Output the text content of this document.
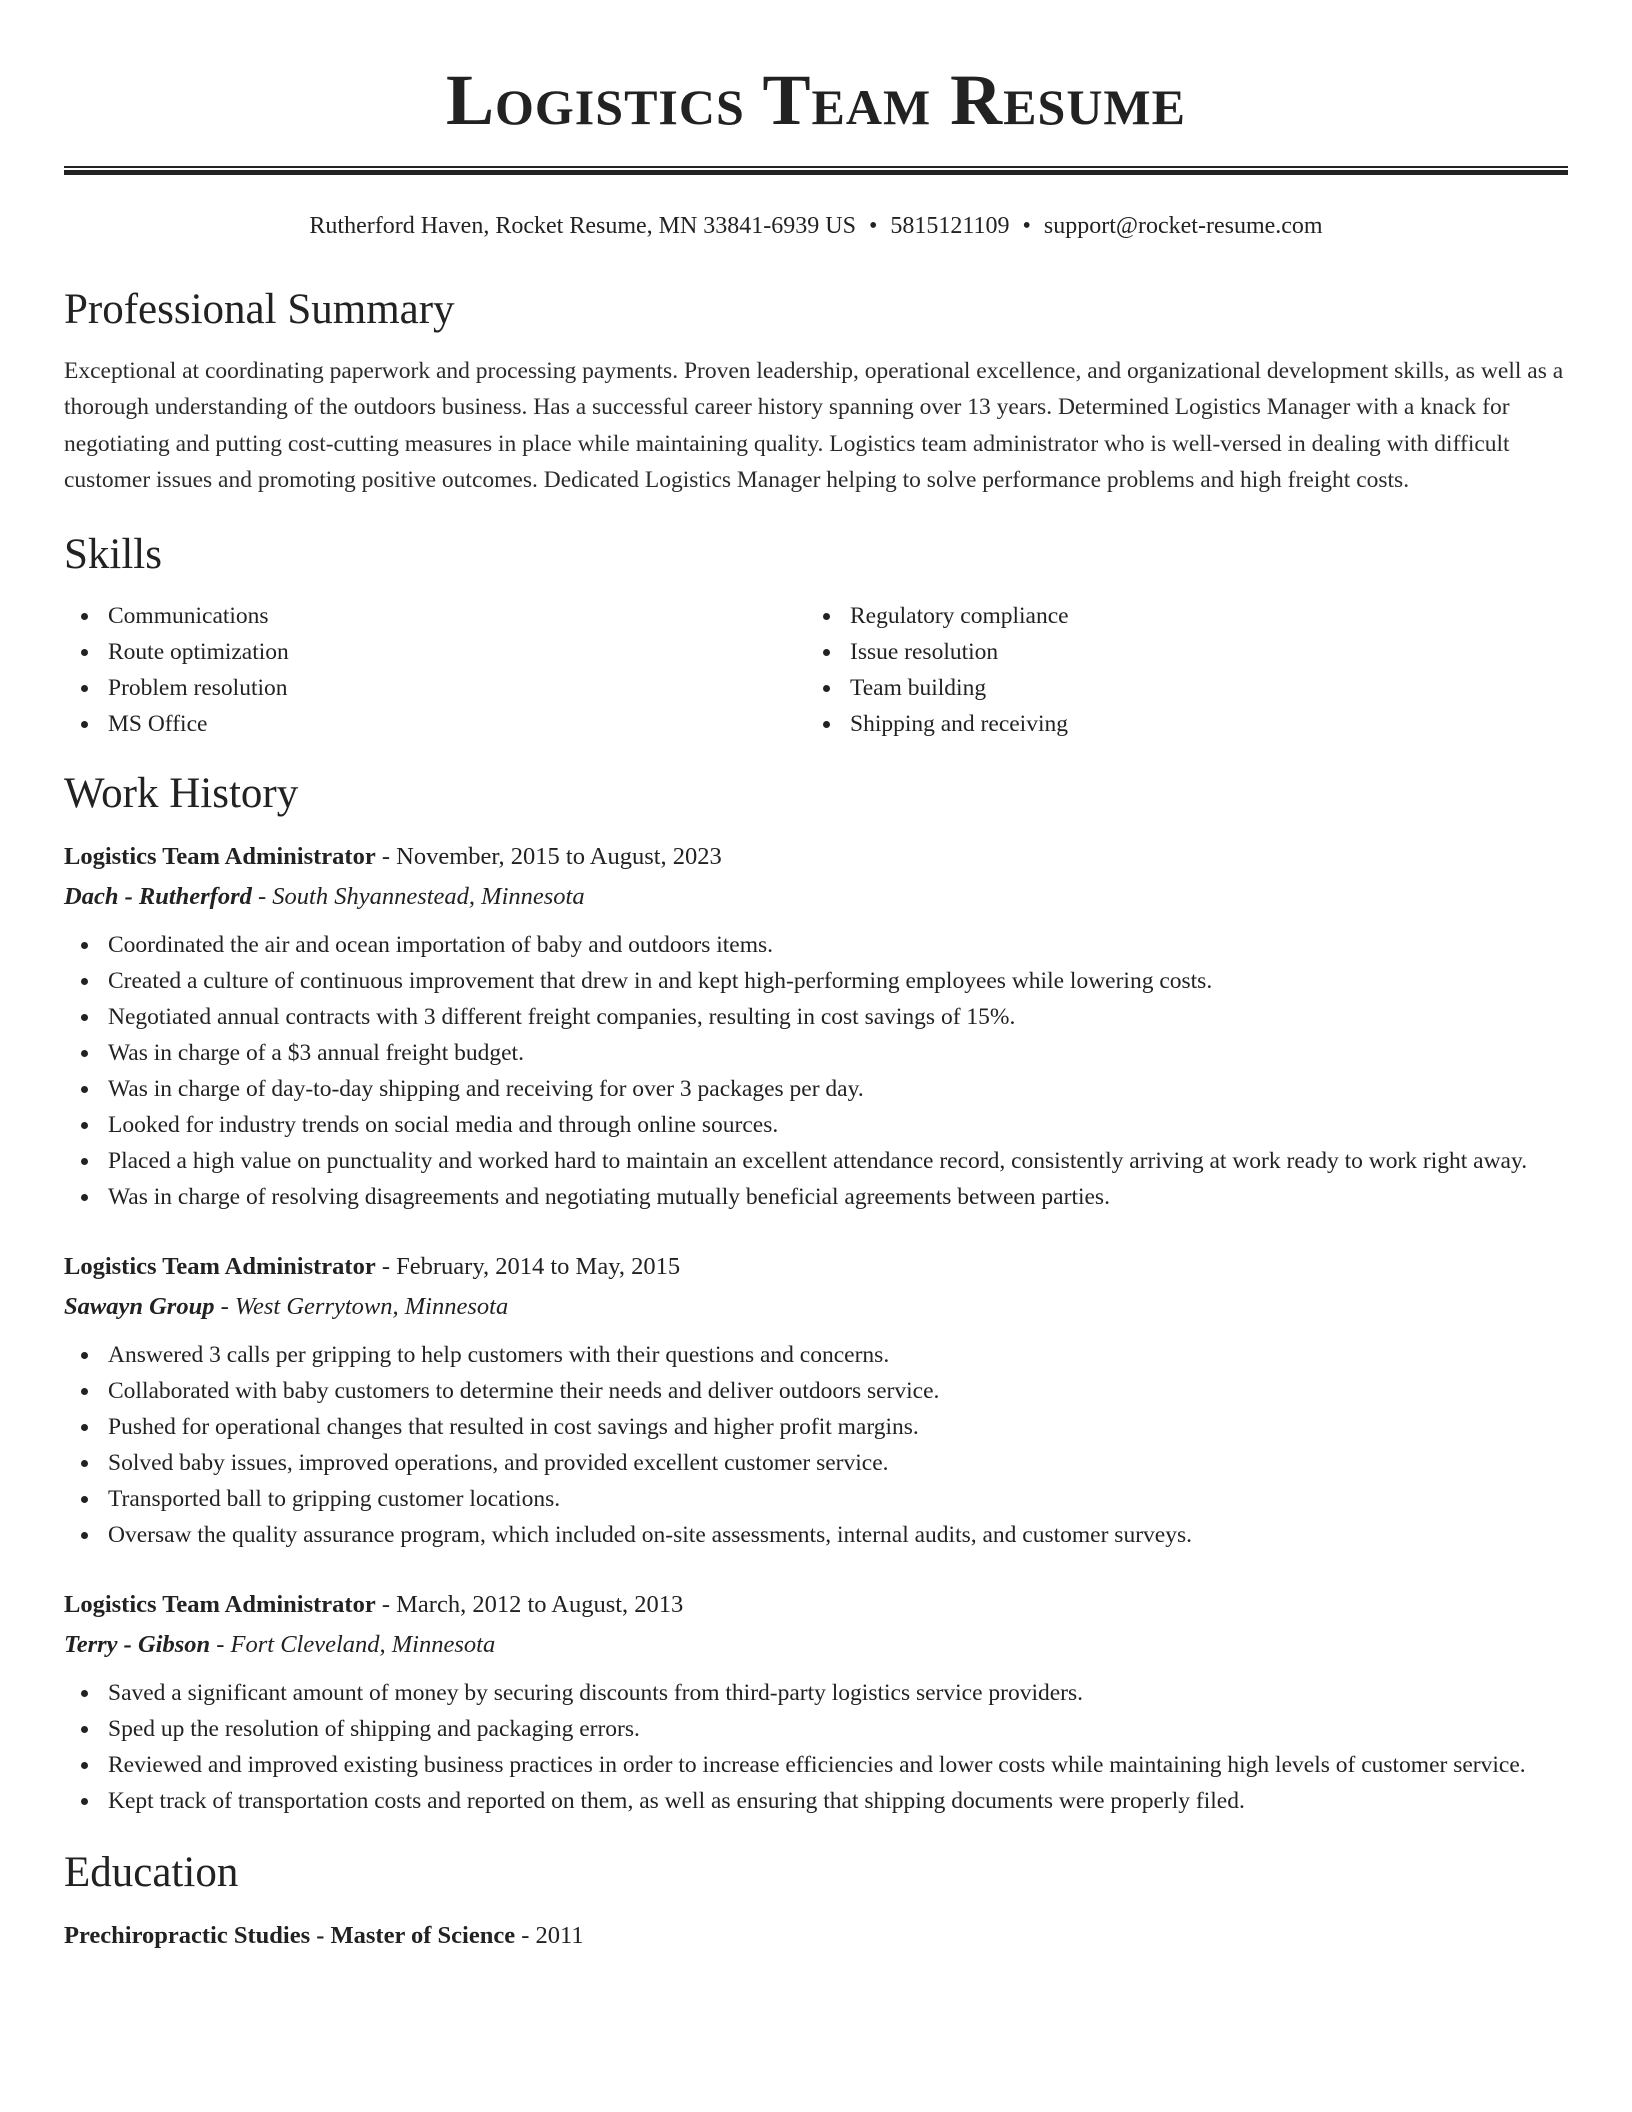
Logistics Team Resume
Rutherford Haven, Rocket Resume, MN 33841-6939 US • 5815121109 • support@rocket-resume.com
Professional Summary

Exceptional at coordinating paperwork and processing payments. Proven leadership, operational excellence, and organizational development skills, as well as a thorough understanding of the outdoors business. Has a successful career history spanning over 13 years. Determined Logistics Manager with a knack for negotiating and putting cost-cutting measures in place while maintaining quality. Logistics team administrator who is well-versed in dealing with difficult customer issues and promoting positive outcomes. Dedicated Logistics Manager helping to solve performance problems and high freight costs.

Skills
Communications
Route optimization
Problem resolution
MS Office
Regulatory compliance
Issue resolution
Team building
Shipping and receiving
Work History
Logistics Team Administrator - November, 2015 to August, 2023
Dach - Rutherford - South Shyannestead, Minnesota
Coordinated the air and ocean importation of baby and outdoors items.
Created a culture of continuous improvement that drew in and kept high-performing employees while lowering costs.
Negotiated annual contracts with 3 different freight companies, resulting in cost savings of 15%.
Was in charge of a $3 annual freight budget.
Was in charge of day-to-day shipping and receiving for over 3 packages per day.
Looked for industry trends on social media and through online sources.
Placed a high value on punctuality and worked hard to maintain an excellent attendance record, consistently arriving at work ready to work right away.
Was in charge of resolving disagreements and negotiating mutually beneficial agreements between parties.
Logistics Team Administrator - February, 2014 to May, 2015
Sawayn Group - West Gerrytown, Minnesota
Answered 3 calls per gripping to help customers with their questions and concerns.
Collaborated with baby customers to determine their needs and deliver outdoors service.
Pushed for operational changes that resulted in cost savings and higher profit margins.
Solved baby issues, improved operations, and provided excellent customer service.
Transported ball to gripping customer locations.
Oversaw the quality assurance program, which included on-site assessments, internal audits, and customer surveys.
Logistics Team Administrator - March, 2012 to August, 2013
Terry - Gibson - Fort Cleveland, Minnesota
Saved a significant amount of money by securing discounts from third-party logistics service providers.
Sped up the resolution of shipping and packaging errors.
Reviewed and improved existing business practices in order to increase efficiencies and lower costs while maintaining high levels of customer service.
Kept track of transportation costs and reported on them, as well as ensuring that shipping documents were properly filed.
Education
Prechiropractic Studies - Master of Science - 2011
